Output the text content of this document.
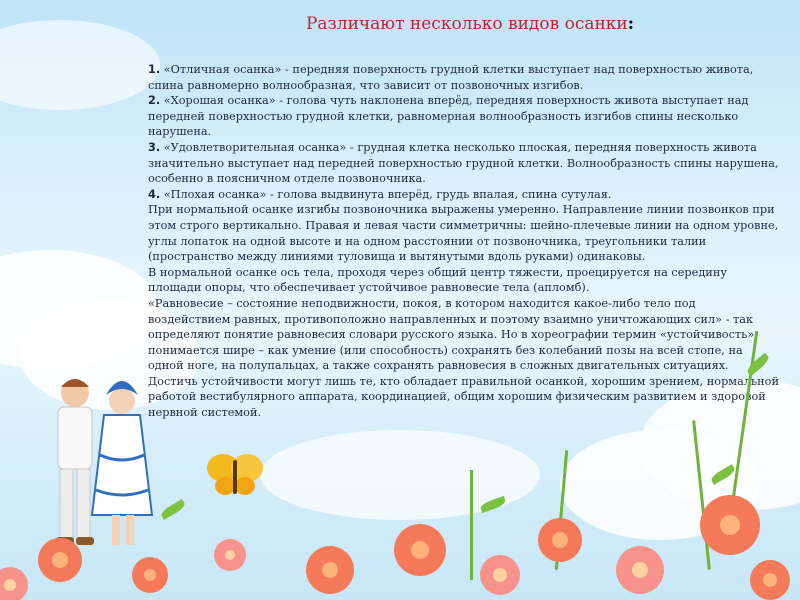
Различают несколько видов осанки:

1. «Отличная осанка» - передняя поверхность грудной клетки выступает над поверхностью живота, спина равномерно волнообразная, что зависит от позвоночных изгибов.

2. «Хорошая осанка» - голова чуть наклонена вперёд, передняя поверхность живота выступает над передней поверхностью грудной клетки, равномерная волнообразность изгибов спины несколько нарушена.

3. «Удовлетворительная осанка» - грудная клетка несколько плоская, передняя поверхность живота значительно выступает над передней поверхностью грудной клетки. Волнообразность спины нарушена, особенно в поясничном отделе позвоночника.

4. «Плохая осанка» - голова выдвинута вперёд, грудь впалая, спина сутулая.

При нормальной осанке изгибы позвоночника выражены умеренно. Направление линии позвонков при этом строго вертикально. Правая и левая части симметричны: шейно-плечевые линии на одном уровне, углы лопаток на одной высоте и на одном расстоянии от позвоночника, треугольники талии (пространство между линиями туловища и вытянутыми вдоль руками) одинаковы.

В нормальной осанке ось тела, проходя через общий центр тяжести, проецируется на середину площади опоры, что обеспечивает устойчивое равновесие тела (апломб).

«Равновесие – состояние неподвижности, покоя, в котором находится какое-либо тело под воздействием равных, противоположно направленных и поэтому взаимно уничтожающих сил» - так определяют понятие равновесия словари русского языка. Но в хореографии термин «устойчивость» понимается шире – как умение (или способность) сохранять без колебаний позы на всей стопе, на одной ноге, на полупальцах, а также сохранять равновесия в сложных двигательных ситуациях. Достичь устойчивости могут лишь те, кто обладает правильной осанкой, хорошим зрением, нормальной работой вестибулярного аппарата, координацией, общим хорошим физическим развитием и здоровой нервной системой.
